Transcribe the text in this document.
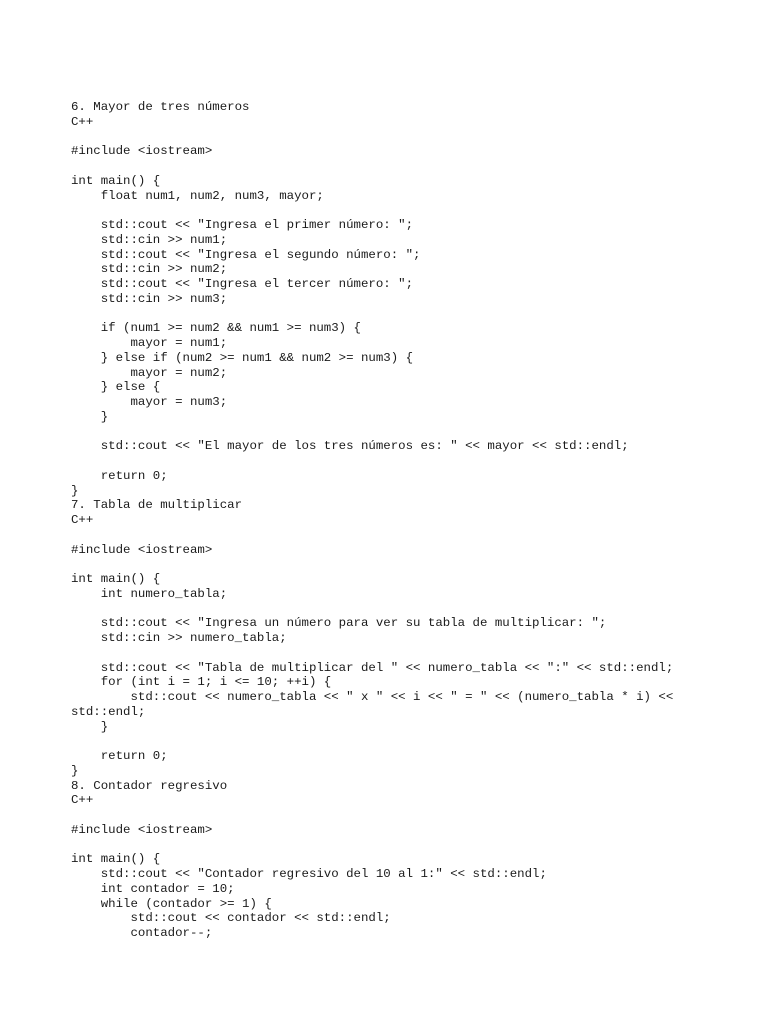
6. Mayor de tres números
C++
#include <iostream>
int main() {
float num1, num2, num3, mayor;
std::cout << "Ingresa el primer número: ";
std::cin >> num1;
std::cout << "Ingresa el segundo número: ";
std::cin >> num2;
std::cout << "Ingresa el tercer número: ";
std::cin >> num3;
if (num1 >= num2 && num1 >= num3) {
mayor = num1;
} else if (num2 >= num1 && num2 >= num3) {
mayor = num2;
} else {
mayor = num3;
}
std::cout << "El mayor de los tres números es: " << mayor << std::endl;
return 0;
}
7. Tabla de multiplicar
C++
#include <iostream>
int main() {
int numero_tabla;
std::cout << "Ingresa un número para ver su tabla de multiplicar: ";
std::cin >> numero_tabla;
std::cout << "Tabla de multiplicar del " << numero_tabla << ":" << std::endl;
for (int i = 1; i <= 10; ++i) {
std::cout << numero_tabla << " x " << i << " = " << (numero_tabla * i) <<
std::endl;
}
return 0;
}
8. Contador regresivo
C++
#include <iostream>
int main() {
std::cout << "Contador regresivo del 10 al 1:" << std::endl;
int contador = 10;
while (contador >= 1) {
std::cout << contador << std::endl;
contador--;
